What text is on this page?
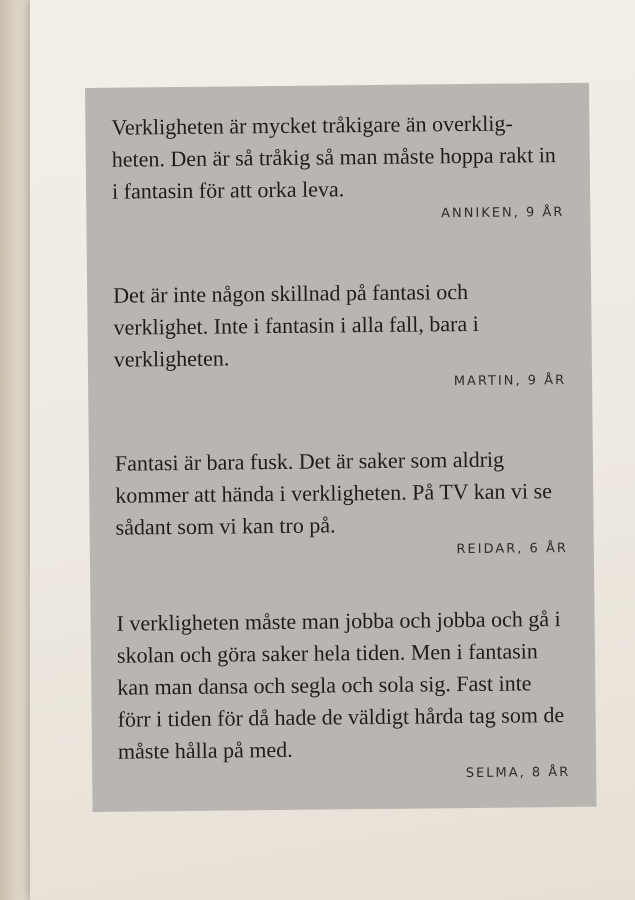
Verkligheten är mycket tråkigare än overklig-heten. Den är så tråkig så man måste hoppa rakt in i fantasin för att orka leva.

ANNIKEN, 9 ÅR

Det är inte någon skillnad på fantasi och verklighet. Inte i fantasin i alla fall, bara i verkligheten.

MARTIN, 9 ÅR

Fantasi är bara fusk. Det är saker som aldrig kommer att hända i verkligheten. På TV kan vi se sådant som vi kan tro på.

REIDAR, 6 ÅR

I verkligheten måste man jobba och jobba och gå i skolan och göra saker hela tiden. Men i fantasin kan man dansa och segla och sola sig. Fast inte förr i tiden för då hade de väldigt hårda tag som de måste hålla på med.

SELMA, 8 ÅR
